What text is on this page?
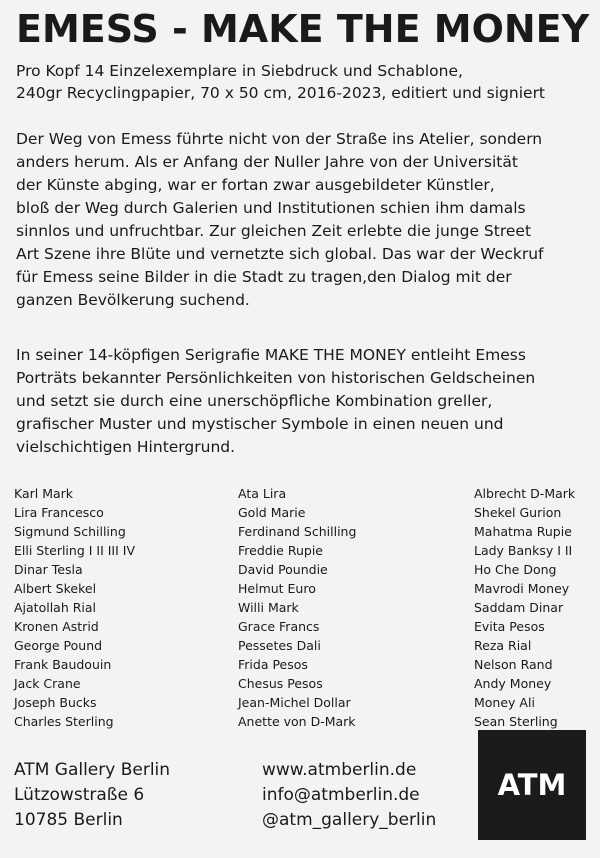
EMESS - MAKE THE MONEY
Pro Kopf 14 Einzelexemplare in Siebdruck und Schablone,
240gr Recyclingpapier, 70 x 50 cm, 2016-2023, editiert und signiert
Der Weg von Emess führte nicht von der Straße ins Atelier, sondern
anders herum. Als er Anfang der Nuller Jahre von der Universität
der Künste abging, war er fortan zwar ausgebildeter Künstler,
bloß der Weg durch Galerien und Institutionen schien ihm damals
sinnlos und unfruchtbar. Zur gleichen Zeit erlebte die junge Street
Art Szene ihre Blüte und vernetzte sich global. Das war der Weckruf
für Emess seine Bilder in die Stadt zu tragen,den Dialog mit der
ganzen Bevölkerung suchend.
In seiner 14-köpfigen Serigrafie MAKE THE MONEY entleiht Emess
Porträts bekannter Persönlichkeiten von historischen Geldscheinen
und setzt sie durch eine unerschöpfliche Kombination greller,
grafischer Muster und mystischer Symbole in einen neuen und
vielschichtigen Hintergrund.
Karl Mark
Lira Francesco
Sigmund Schilling
Elli Sterling I II III IV
Dinar Tesla
Albert Skekel
Ajatollah Rial
Kronen Astrid
George Pound
Frank Baudouin
Jack Crane
Joseph Bucks
Charles Sterling
Ata Lira
Gold Marie
Ferdinand Schilling
Freddie Rupie
David Poundie
Helmut Euro
Willi Mark
Grace Francs
Pessetes Dali
Frida Pesos
Chesus Pesos
Jean-Michel Dollar
Anette von D-Mark
Albrecht D-Mark
Shekel Gurion
Mahatma Rupie
Lady Banksy I II
Ho Che Dong
Mavrodi Money
Saddam Dinar
Evita Pesos
Reza Rial
Nelson Rand
Andy Money
Money Ali
Sean Sterling
ATM Gallery Berlin
Lützowstraße 6
10785 Berlin
www.atmberlin.de
info@atmberlin.de
@atm_gallery_berlin
ATM
